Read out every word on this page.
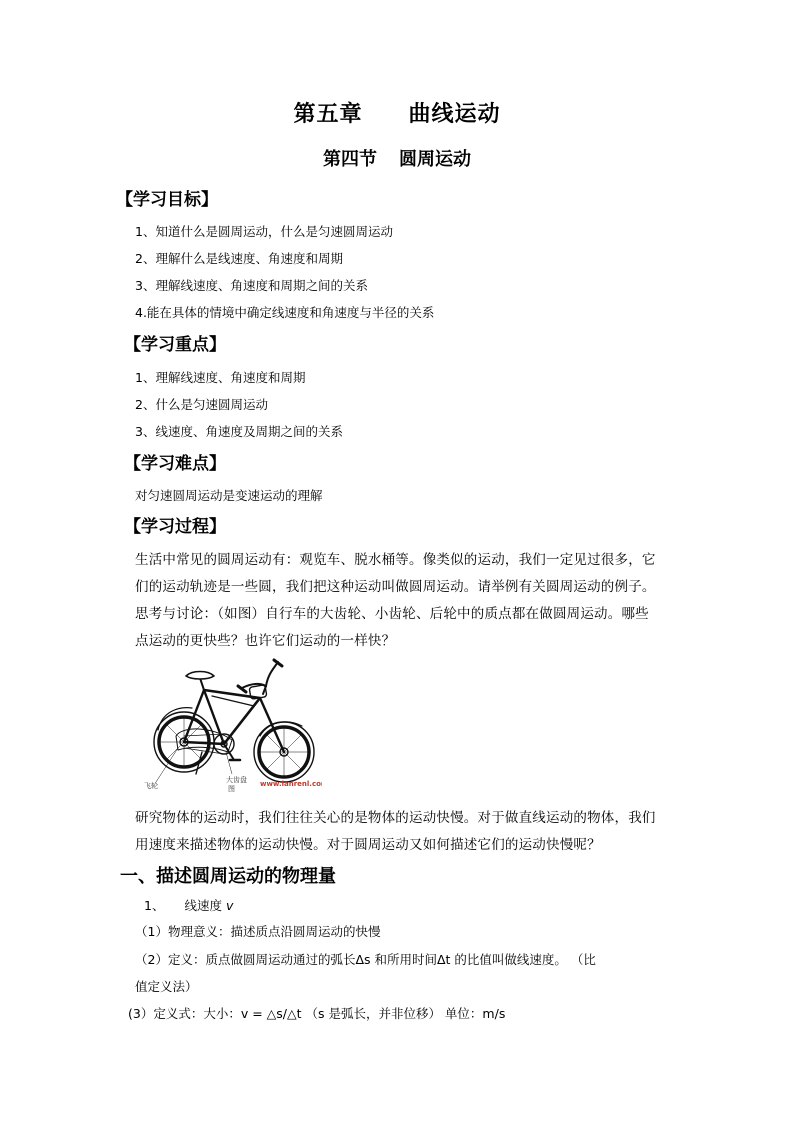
第五章 曲线运动
第四节 圆周运动
【学习目标】
1、知道什么是圆周运动，什么是匀速圆周运动
2、理解什么是线速度、角速度和周期
3、理解线速度、角速度和周期之间的关系
4.能在具体的情境中确定线速度和角速度与半径的关系
【学习重点】
1、理解线速度、角速度和周期
2、什么是匀速圆周运动
3、线速度、角速度及周期之间的关系
【学习难点】
对匀速圆周运动是变速运动的理解
【学习过程】
生活中常见的圆周运动有：观览车、脱水桶等。像类似的运动，我们一定见过很多，它
们的运动轨迹是一些圆，我们把这种运动叫做圆周运动。请举例有关圆周运动的例子。
思考与讨论：（如图）自行车的大齿轮、小齿轮、后轮中的质点都在做圆周运动。哪些
点运动的更快些？也许它们运动的一样快？
飞轮
大齿盘
图
www.lanrenl.com
研究物体的运动时，我们往往关心的是物体的运动快慢。对于做直线运动的物体，我们
用速度来描述物体的运动快慢。对于圆周运动又如何描述它们的运动快慢呢？
一、描述圆周运动的物理量
1、 线速度 v
（1）物理意义：描述质点沿圆周运动的快慢
（2）定义：质点做圆周运动通过的弧长Δs 和所用时间Δt 的比值叫做线速度。 （比
值定义法）
(3）定义式：大小：v = △s/△t （s 是弧长，并非位移） 单位：m/s
